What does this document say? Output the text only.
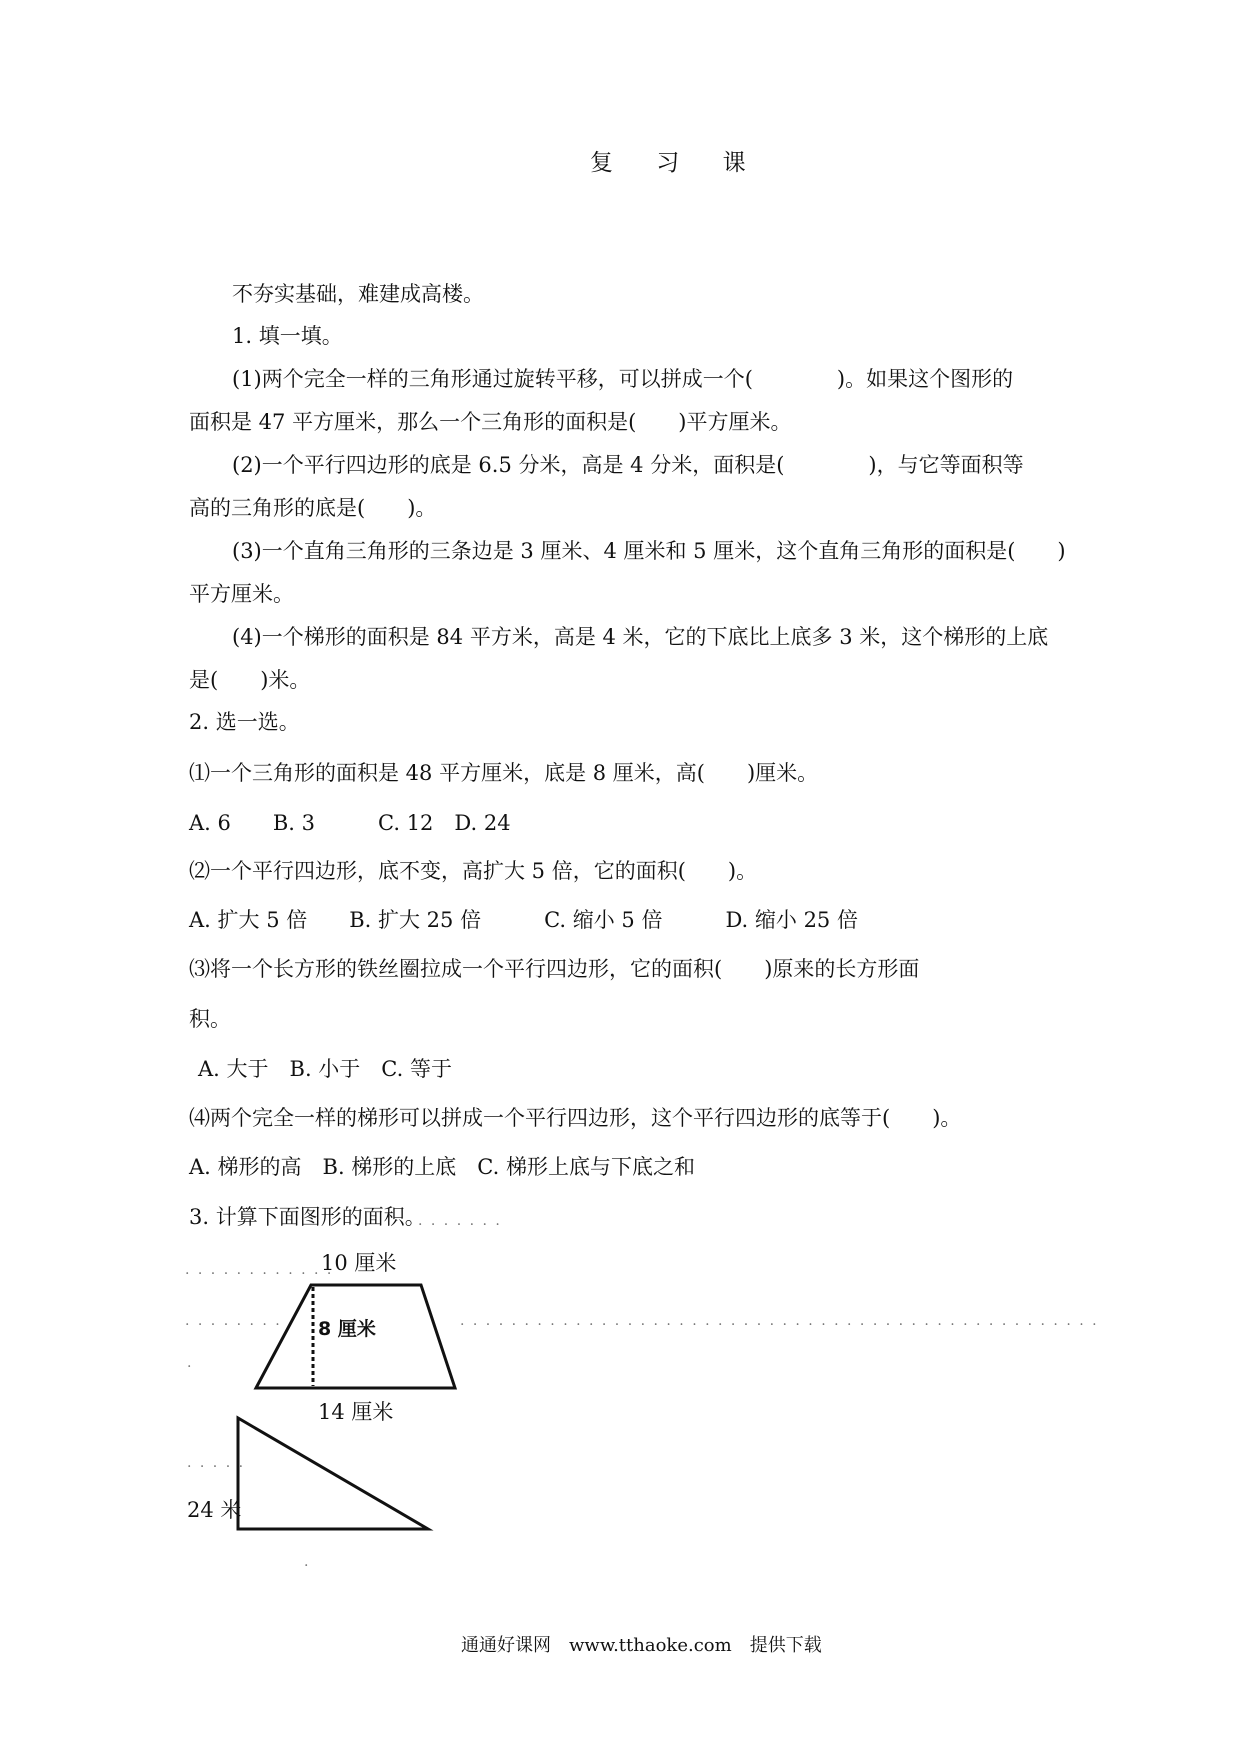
复 习 课
不夯实基础，难建成高楼。
1. 填一填。
(1)两个完全一样的三角形通过旋转平移，可以拼成一个(　　　　)。如果这个图形的
面积是 47 平方厘米，那么一个三角形的面积是(　　)平方厘米。
(2)一个平行四边形的底是 6.5 分米，高是 4 分米，面积是(　　　　)，与它等面积等
高的三角形的底是(　　)。
(3)一个直角三角形的三条边是 3 厘米、4 厘米和 5 厘米，这个直角三角形的面积是(　　)
平方厘米。
(4)一个梯形的面积是 84 平方米，高是 4 米，它的下底比上底多 3 米，这个梯形的上底
是(　　)米。
2. 选一选。
⑴一个三角形的面积是 48 平方厘米，底是 8 厘米，高(　　)厘米。
A. 6　　B. 3　　　C. 12　D. 24
⑵一个平行四边形，底不变，高扩大 5 倍，它的面积(　　)。
A. 扩大 5 倍　　B. 扩大 25 倍　　　C. 缩小 5 倍　　　D. 缩小 25 倍
⑶将一个长方形的铁丝圈拉成一个平行四边形，它的面积(　　)原来的长方形面
积。
A. 大于　B. 小于　C. 等于
⑷两个完全一样的梯形可以拼成一个平行四边形，这个平行四边形的底等于(　　)。
A. 梯形的高　B. 梯形的上底　C. 梯形上底与下底之和
3. 计算下面图形的面积。
. . . . . . .
10 厘米
8 厘米
14 厘米
24 米
. . . . . . . . . . . .
. . . . . . . . .	. . . . . . . . . . . . . . . . . . . . . . . . . . . . . . . . . . . . . . . . . . . . . . . . . .
.
. . . . .
.
通通好课网　www.tthaoke.com　提供下载
